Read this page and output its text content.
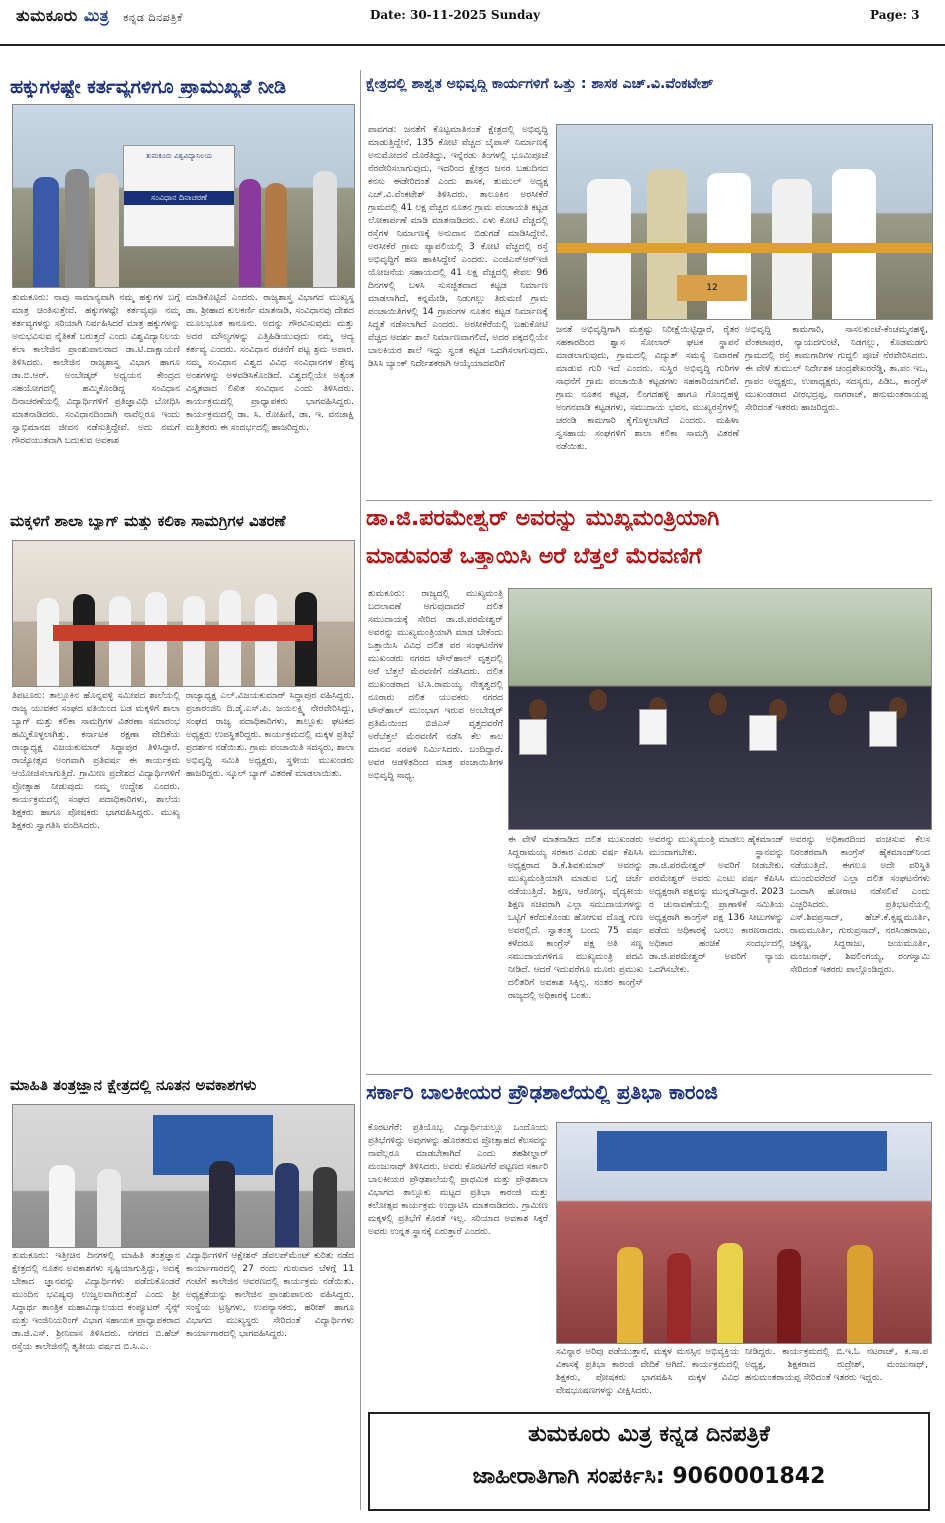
ತುಮಕೂರು ಮಿತ್ರ ಕನ್ನಡ ದಿನಪತ್ರಿಕೆ	Date: 30-11-2025 Sunday	Page: 3
ಹಕ್ಕುಗಳಷ್ಟೇ ಕರ್ತವ್ಯಗಳಿಗೂ ಪ್ರಾಮುಖ್ಯತೆ ನೀಡಿ
ತುಮಕೂರು ವಿಶ್ವವಿದ್ಯಾನಿಲಯ
ಸಂವಿಧಾನ ದಿನಾಚರಣೆ
ತುಮಕೂರು: ನಾವು ಸಾಮಾನ್ಯವಾಗಿ ನಮ್ಮ ಹಕ್ಕುಗಳ ಬಗ್ಗೆ ಮಾತ್ರ ಚಿಂತಿಸುತ್ತೇವೆ. ಹಕ್ಕುಗಳಷ್ಟೇ ಕರ್ತವ್ಯವೂ ನಮ್ಮ ಕರ್ತವ್ಯಗಳನ್ನು ಸರಿಯಾಗಿ ನಿರ್ವಹಿಸಿದರೆ ಮಾತ್ರ ಹಕ್ಕುಗಳನ್ನು ಅನುಭವಿಸುವ ನೈತಿಕತೆ ಬರುತ್ತದೆ ಎಂದು ವಿಶ್ವವಿದ್ಯಾನಿಲಯ ಕಲಾ ಕಾಲೇಜಿನ ಪ್ರಾಂಶುಪಾಲರಾದ ಡಾ.ಟಿ.ದಾಕ್ಷಾಯಣಿ ತಿಳಿಸಿದರು. ಕಾಲೇಜಿನ ರಾಜ್ಯಶಾಸ್ತ್ರ ವಿಭಾಗ ಹಾಗೂ ಡಾ.ಬಿ.ಆರ್. ಅಂಬೇಡ್ಕರ್ ಅಧ್ಯಯನ ಕೇಂದ್ರದ ಸಹಯೋಗದಲ್ಲಿ ಹಮ್ಮಿಕೊಂಡಿದ್ದ ಸಂವಿಧಾನ ದಿನಾಚರಣೆಯಲ್ಲಿ ವಿದ್ಯಾರ್ಥಿಗಳಿಗೆ ಪ್ರತಿಜ್ಞಾವಿಧಿ ಬೋಧಿಸಿ ಮಾತನಾಡಿದರು. ಸಂವಿಧಾನದಿಂದಾಗಿ ನಾವೆಲ್ಲರೂ ಇಂದು ಸ್ವಾಭಿಮಾನದ ಜೀವನ ನಡೆಸುತ್ತಿದ್ದೇವೆ. ಅದು ನಮಗೆ ಗೌರವಯುತವಾಗಿ ಬದುಕುವ ಅವಕಾಶ
ಮಾಡಿಕೊಟ್ಟಿದೆ ಎಂದರು. ರಾಜ್ಯಶಾಸ್ತ್ರ ವಿಭಾಗದ ಮುಖ್ಯಸ್ಥ ಡಾ. ಶ್ರೀಹಾದ ಕುಲಕರ್ಣಿ ಮಾತನಾಡಿ, ಸಂವಿಧಾನವು ದೇಶದ ಮೂಲಭೂತ ಕಾನೂನು. ಅದನ್ನು ಗೌರವಿಸುವುದು ಮತ್ತು ಅದರ ಮೌಲ್ಯಗಳನ್ನು ಎತ್ತಿಹಿಡಿಯುವುದು ನಮ್ಮ ಆದ್ಯ ಕರ್ತವ್ಯ ಎಂದರು. ಸಂವಿಧಾನ ರಚನೆಗೆ ಪಟ್ಟ ಶ್ರಮ ಅಪಾರ. ನಮ್ಮ ಸಂವಿಧಾನ ವಿಶ್ವದ ವಿವಿಧ ಸಂವಿಧಾನಗಳ ಶ್ರೇಷ್ಠ ಅಂಶಗಳನ್ನು ಅಳವಡಿಸಿಕೊಂಡಿದೆ. ವಿಶ್ವದಲ್ಲಿಯೇ ಅತ್ಯಂತ ವಿಸ್ತೃತವಾದ ಲಿಖಿತ ಸಂವಿಧಾನ ಎಂದು ತಿಳಿಸಿದರು. ಕಾರ್ಯಕ್ರಮದಲ್ಲಿ ಪ್ರಾಧ್ಯಾಪಕರು ಭಾಗವಹಿಸಿದ್ದರು. ಕಾರ್ಯಕ್ರಮದಲ್ಲಿ ಡಾ. ಸಿ. ರೋಹಿಣಿ, ಡಾ. ಇ. ವನಜಾಕ್ಷಿ ಮತ್ತಿತರರು ಈ ಸಂದರ್ಭದಲ್ಲಿ ಹಾಜರಿದ್ದರು.
ಮಕ್ಕಳಿಗೆ ಶಾಲಾ ಬ್ಯಾಗ್ ಮತ್ತು ಕಲಿಕಾ ಸಾಮಗ್ರಿಗಳ ವಿತರಣೆ
ತಿಪಟೂರು: ತಾಲ್ಲೂಕಿನ ಹೊನ್ನವಳ್ಳಿ ಸಮೀಪದ ಶಾಲೆಯಲ್ಲಿ ರಾಜ್ಯ ಯುವಕರ ಸಂಘದ ವತಿಯಿಂದ ಬಡ ಮಕ್ಕಳಿಗೆ ಶಾಲಾ ಬ್ಯಾಗ್ ಮತ್ತು ಕಲಿಕಾ ಸಾಮಗ್ರಿಗಳ ವಿತರಣಾ ಸಮಾರಂಭ ಹಮ್ಮಿಕೊಳ್ಳಲಾಗಿತ್ತು. ಕರ್ನಾಟಕ ರಕ್ಷಣಾ ವೇದಿಕೆಯ ರಾಜ್ಯಾಧ್ಯಕ್ಷ ವಿಜಯಕುಮಾರ್ ಸಿದ್ಧಾಪುರ ತಿಳಿಸಿದ್ದಾರೆ. ರಾಜ್ಯೋತ್ಸವ ಅಂಗವಾಗಿ ಪ್ರತಿವರ್ಷ ಈ ಕಾರ್ಯಕ್ರಮ ಆಯೋಜಿಸಲಾಗುತ್ತಿದೆ. ಗ್ರಾಮೀಣ ಪ್ರದೇಶದ ವಿದ್ಯಾರ್ಥಿಗಳಿಗೆ ಪ್ರೋತ್ಸಾಹ ನೀಡುವುದು ನಮ್ಮ ಉದ್ದೇಶ ಎಂದರು. ಕಾರ್ಯಕ್ರಮದಲ್ಲಿ ಸಂಘದ ಪದಾಧಿಕಾರಿಗಳು, ಶಾಲೆಯ ಶಿಕ್ಷಕರು ಹಾಗೂ ಪೋಷಕರು ಭಾಗವಹಿಸಿದ್ದರು. ಮುಖ್ಯ ಶಿಕ್ಷಕರು ಸ್ವಾಗತಿಸಿ ವಂದಿಸಿದರು.
ರಾಜ್ಯಾಧ್ಯಕ್ಷ ಎಲ್.ವಿಜಯಕುಮಾರ್ ಸಿದ್ಧಾಪುರ ವಹಿಸಿದ್ದರು. ಪ್ರಜಾರಂಜಿನಿ ದಿ.ಡೈ.ಎಸ್.ಪಿ. ಜಯಲಕ್ಷ್ಮಿ ನೇರವೇರಿಸಿದ್ದು, ಸಂಘದ ರಾಜ್ಯ ಪದಾಧಿಕಾರಿಗಳು, ತಾಲ್ಲೂಕು ಘಟಕದ ಅಧ್ಯಕ್ಷರು ಉಪಸ್ಥಿತರಿದ್ದರು. ಕಾರ್ಯಕ್ರಮದಲ್ಲಿ ಮಕ್ಕಳ ಪ್ರತಿಭೆ ಪ್ರದರ್ಶನ ನಡೆಯಿತು. ಗ್ರಾಮ ಪಂಚಾಯಿತಿ ಸದಸ್ಯರು, ಶಾಲಾ ಅಭಿವೃದ್ಧಿ ಸಮಿತಿ ಅಧ್ಯಕ್ಷರು, ಸ್ಥಳೀಯ ಮುಖಂಡರು ಹಾಜರಿದ್ದರು. ಸ್ಕೂಲ್ ಬ್ಯಾಗ್ ವಿತರಣೆ ಮಾಡಲಾಯಿತು.
ಮಾಹಿತಿ ತಂತ್ರಜ್ಞಾನ ಕ್ಷೇತ್ರದಲ್ಲಿ ನೂತನ ಅವಕಾಶಗಳು
ತುಮಕೂರು: ಇತ್ತೀಚಿನ ದಿನಗಳಲ್ಲಿ ಮಾಹಿತಿ ತಂತ್ರಜ್ಞಾನ ಕ್ಷೇತ್ರದಲ್ಲಿ ನೂತನ ಅವಕಾಶಗಳು ಸೃಷ್ಟಿಯಾಗುತ್ತಿದ್ದು, ಅದಕ್ಕೆ ಬೇಕಾದ ಜ್ಞಾನವನ್ನು ವಿದ್ಯಾರ್ಥಿಗಳು ಪಡೆದುಕೊಂಡರೆ ಮುಂದಿನ ಭವಿಷ್ಯವು ಉಜ್ವಲವಾಗಿರುತ್ತದೆ ಎಂದು ಶ್ರೀ ಸಿದ್ಧಾರ್ಥ ತಾಂತ್ರಿಕ ಮಹಾವಿದ್ಯಾಲಯದ ಕಂಪ್ಯೂಟರ್ ಸೈನ್ಸ್ ಮತ್ತು ಇಂಜಿನಿಯರಿಂಗ್ ವಿಭಾಗ ಸಹಾಯಕ ಪ್ರಾಧ್ಯಾಪಕರಾದ ಡಾ.ಜಿ.ಎಸ್. ಶ್ರೀನಿವಾಸ ತಿಳಿಸಿದರು. ನಗರದ ಬಿ.ಹೆಚ್ ರಸ್ತೆಯ ಕಾಲೇಜಿನಲ್ಲಿ ತೃತೀಯ ವರ್ಷದ ಬಿ.ಸಿ.ಎ.
ವಿದ್ಯಾರ್ಥಿಗಳಿಗೆ ಆಕ್ಷೇಶನ್ ಡೆವಲಪ್‌ಮೆಂಟ್ ಕುರಿತು ನಡೆದ ಕಾರ್ಯಾಗಾರದಲ್ಲಿ 27 ರಂದು ಗುರುವಾರ ಬೆಳಗ್ಗೆ 11 ಗಂಟೆಗೆ ಕಾಲೇಜಿನ ಆವರಣದಲ್ಲಿ ಕಾರ್ಯಕ್ರಮ ನಡೆಯಿತು. ಅಧ್ಯಕ್ಷತೆಯನ್ನು ಕಾಲೇಜಿನ ಪ್ರಾಂಶುಪಾಲರು ವಹಿಸಿದ್ದರು. ಸಂಸ್ಥೆಯ ಟ್ರಸ್ಟಿಗಳು, ಉಪನ್ಯಾಸಕರು, ಹರೀಶ್ ಹಾಗೂ ವಿಭಾಗದ ಮುಖ್ಯಸ್ಥರು ಸೇರಿದಂತೆ ವಿದ್ಯಾರ್ಥಿಗಳು ಕಾರ್ಯಾಗಾರದಲ್ಲಿ ಭಾಗವಹಿಸಿದ್ದರು.
ಕ್ಷೇತ್ರದಲ್ಲಿ ಶಾಶ್ವತ ಅಭಿವೃದ್ಧಿ ಕಾರ್ಯಗಳಿಗೆ ಒತ್ತು : ಶಾಸಕ ಎಚ್.ವಿ.ವೆಂಕಟೇಶ್
ಪಾವಗಡ: ಜನತೆಗೆ ಕೊಟ್ಟಮಾತಿನಂತೆ ಕ್ಷೇತ್ರದಲ್ಲಿ ಅಭಿವೃದ್ಧಿ ಮಾಡುತ್ತಿದ್ದೇನೆ, 135 ಕೋಟಿ ವೆಚ್ಚದ ಬೈಪಾಸ್ ನಿರ್ಮಾಣಕ್ಕೆ ಅನುಮೋದನೆ ದೊರೆತಿದ್ದು, ಇನ್ನೆರಡು ತಿಂಗಳಲ್ಲಿ ಭೂಮಿಪೂಜೆ ನೆರವೇರಿಸಲಾಗುವುದು, ಇದರಿಂದ ಕ್ಷೇತ್ರದ ಜನರ ಬಹುದಿನದ ಕನಸು ಈಡೇರಿದಂತೆ ಎಂದು ಶಾಸಕ, ತುಮುಲ್ ಅಧ್ಯಕ್ಷ ಎಚ್.ವಿ.ವೆಂಕಟೇಶ್ ತಿಳಿಸಿದರು. ತಾಲೂಕಿನ ಅರಸೀಕೆರೆ ಗ್ರಾಮದಲ್ಲಿ 41 ಲಕ್ಷ ವೆಚ್ಚದ ನೂತನ ಗ್ರಾಮ ಪಂಚಾಯತಿ ಕಟ್ಟಡ ಲೋಕಾರ್ಪಣೆ ಮಾಡಿ ಮಾತನಾಡಿದರು. ಏಳು ಕೋಟಿ ವೆಚ್ಚದಲ್ಲಿ ರಸ್ತೆಗಳ ನಿರ್ಮಾಣಕ್ಕೆ ಅನುದಾನ ಬಿಡುಗಡೆ ಮಾಡಿಸಿದ್ದೇನೆ. ಅರಸೀಕೆರೆ ಗ್ರಾಮ ಪ್ಯಾಪಲಿಯಲ್ಲಿ 3 ಕೋಟಿ ವೆಚ್ಚದಲ್ಲಿ ರಸ್ತೆ ಅಭಿವೃದ್ಧಿಗೆ ಹಣ ಹಾಕಿಸಿದ್ದೇನೆ ಎಂದರು. ಎಂಜಿಎನ್‌ಆರ್‌ಇಜಿ ಯೋಜನೆಯ ಸಹಾಯದಲ್ಲಿ 41 ಲಕ್ಷ ವೆಚ್ಚದಲ್ಲಿ ಕೇವಲ 96 ದಿನಗಳಲ್ಲಿ ಬಳಸಿ ಸುಸಜ್ಜಿತವಾದ ಕಟ್ಟಡ ನಿರ್ಮಾಣ ಮಾಡಲಾಗಿದೆ, ಕನ್ನಮೇಡಿ, ನಿಡುಗಲ್ಲು ತಿರುಮಣಿ ಗ್ರಾಮ ಪಂಚಾಯಿತಿಗಳಲ್ಲಿ 14 ಗ್ರಾಪಂಗಳ ನೂತನ ಕಟ್ಟಡ ನಿರ್ಮಾಣಕ್ಕೆ ಸಿದ್ಧತೆ ನಡೆಸಲಾಗಿದೆ ಎಂದರು. ಅರಸೀಕೆರೆಯಲ್ಲಿ ಬಹುಕೋಟಿ ವೆಚ್ಚದ ಆದರ್ಶ ಶಾಲೆ ನಿರ್ಮಾಣವಾಗಲಿದೆ, ಅದರ ಪಕ್ಕದಲ್ಲಿಯೇ ಬಾಲಕಿಯರ ಶಾಲೆ ಇದ್ದು ಸ್ವಂತ ಕಟ್ಟಡ ಒದಗಿಸಲಾಗುವುದು. ಡಿಸಿಸಿ ಬ್ಯಾಂಕ್ ನಿರ್ದೇಶಕರಾಗಿ ಆಯ್ಕೆಯಾದವರಿಗೆ
12
ಜನತೆ ಅಭಿವೃದ್ಧಿಗಾಗಿ ಮತ್ತಷ್ಟು ನಿರೀಕ್ಷೆಯಿಟ್ಟಿದ್ದಾರೆ, ರೈತರ ಸಹಕಾರದಿಂದ ಶ್ವಾಸ ಸೋಲಾರ್ ಘಟಕ ಸ್ಥಾಪನೆ ಮಾಡಲಾಗುವುದು, ಗ್ರಾಮದಲ್ಲಿ ವಿದ್ಯುತ್ ಸಮಸ್ಯೆ ನಿವಾರಣೆ ಮಾಡುವ ಗುರಿ ಇದೆ ಎಂದರು. ಸುಸ್ಥಿರ ಅಭಿವೃದ್ಧಿ ಗುರಿಗಳ ಸಾಧನೆಗೆ ಗ್ರಾಮ ಪಂಚಾಯಿತಿ ಕಟ್ಟಡಗಳು ಸಹಕಾರಿಯಾಗಲಿವೆ. ಗ್ರಾಮ ನೂತನ ಕಟ್ಟಡ, ಲಿಂಗದಹಳ್ಳಿ ಹಾಗೂ ಗೊಂದ್ಲಹಳ್ಳಿ ಅಂಗನವಾಡಿ ಕಟ್ಟಡಗಳು, ಸಮುದಾಯ ಭವನ, ಮುಖ್ಯರಸ್ತೆಗಳಲ್ಲಿ ಚರಂಡಿ ಕಾಮಗಾರಿ ಕೈಗೊಳ್ಳಲಾಗಿದೆ ಎಂದರು. ಮಹಿಳಾ ಸ್ವಸಹಾಯ ಸಂಘಗಳಿಗೆ ಶಾಲಾ ಕಲಿಕಾ ಸಾಮಗ್ರಿ ವಿತರಣೆ ನಡೆಯಿತು.
ಅಭಿವೃದ್ಧಿ ಕಾಮಗಾರಿ, ಸಾಸಲಕುಂಟೆ-ಕೆಂಚಮ್ಮನಹಳ್ಳಿ, ವೆಂಕಟಾಪುರ, ನ್ಯಾಯದಗುಂಟೆ, ನಿಡಗಲ್ಲು, ಕೊಡಮಡಗು ಗ್ರಾಮದಲ್ಲಿ ರಸ್ತೆ ಕಾಮಗಾರಿಗಳ ಗುದ್ದಲಿ ಪೂಜೆ ನೆರವೇರಿಸಿದರು. ಈ ವೇಳೆ ತುಮುಲ್ ನಿರ್ದೇಶಕ ಚಂದ್ರಶೇಖರರೆಡ್ಡಿ, ತಾ.ಪಂ ಇಒ, ಗ್ರಾಪಂ ಅಧ್ಯಕ್ಷರು, ಉಪಾಧ್ಯಕ್ಷರು, ಸದಸ್ಯರು, ಪಿಡಿಒ, ಕಾಂಗ್ರೆಸ್ ಮುಖಂಡರಾದ ವೀರಭದ್ರಪ್ಪ, ನಾಗರಾಜ್, ಹನುಮಂತರಾಯಪ್ಪ ಸೇರಿದಂತೆ ಇತರರು ಹಾಜರಿದ್ದರು.
ಡಾ.ಜಿ.ಪರಮೇಶ್ವರ್ ಅವರನ್ನು ಮುಖ್ಯಮಂತ್ರಿಯಾಗಿ
ಮಾಡುವಂತೆ ಒತ್ತಾಯಿಸಿ ಅರೆ ಬೆತ್ತಲೆ ಮೆರವಣಿಗೆ
ತುಮಕೂರು: ರಾಜ್ಯದಲ್ಲಿ ಮುಖ್ಯಮಂತ್ರಿ ಬದಲಾವಣೆ ಆಗುವುದಾದರೆ ದಲಿತ ಸಮುದಾಯಕ್ಕೆ ಸೇರಿದ ಡಾ.ಜಿ.ಪರಮೇಶ್ವರ್ ಅವರನ್ನು ಮುಖ್ಯಮಂತ್ರಿಯಾಗಿ ಮಾಡ ಬೇಕೆಂದು ಒತ್ತಾಯಿಸಿ ವಿವಿಧ ದಲಿತ ಪರ ಸಂಘಟನೆಗಳ ಮುಖಂಡರು ನಗರದ ಟೌನ್‌ಹಾಲ್ ವೃತ್ತದಲ್ಲಿ ಅರೆ ಬೆತ್ತಲೆ ಮೆರವಣಿಗೆ ನಡೆಸಿದರು. ದಲಿತ ಮುಖಂಡರಾದ ಟಿ.ಸಿ.ರಾಮಯ್ಯ ನೇತೃತ್ವದಲ್ಲಿ ನೂರಾರು ದಲಿತ ಯುವಕರು ನಗರದ ಟೌನ್‌ಹಾಲ್ ಮುಂಭಾಗ ಇರುವ ಅಂಬೇಡ್ಕರ್ ಪ್ರತಿಮೆಯಿಂದ ಬಿಜಿಎಸ್ ವೃತ್ತದವರೆಗೆ ಅರೆಬೆತ್ತಲೆ ಮೆರವಣಿಗೆ ನಡೆಸಿ ಕೆಲ ಕಾಲ ಮಾನವ ಸರಪಳಿ ನಿರ್ಮಿಸಿದರು. ಬಂದಿದ್ದಾರೆ. ಅವರ ಆಡಳಿತದಿಂದ ಮಾತ್ರ ಪಂಚಾಯಿತಿಗಳ ಅಭಿವೃದ್ಧಿ ಸಾಧ್ಯ.
ಈ ವೇಳೆ ಮಾತನಾಡಿದ ದಲಿತ ಮುಖಂಡರು ಸಿದ್ದರಾಮಯ್ಯ ಸರಕಾರ ಎರಡು ವರ್ಷ ಕೆಪಿಸಿಸಿ ಅಧ್ಯಕ್ಷರಾದ ಡಿ.ಕೆ.ಶಿವಕುಮಾರ್ ಅವರನ್ನು ಮುಖ್ಯಮಂತ್ರಿಯಾಗಿ ಮಾಡುವ ಬಗ್ಗೆ ಚರ್ಚೆ ನಡೆಯುತ್ತಿದೆ. ಶಿಕ್ಷಣ, ಆರೋಗ್ಯ, ವೈದ್ಯಕೀಯ ಶಿಕ್ಷಣ ಸಚಿವರಾಗಿ ಎಲ್ಲಾ ಸಮುದಾಯಗಳನ್ನು ಒಟ್ಟಿಗೆ ಕರೆದುಕೊಂಡು ಹೋಗುವ ದೊಡ್ಡ ಗುಣ ಅವರಲ್ಲಿದೆ. ಸ್ವಾತಂತ್ರ್ಯ ಬಂದು 75 ವರ್ಷ ಕಳೆದರೂ ಕಾಂಗ್ರೆಸ್ ಪಕ್ಷ ಅತಿ ಸಣ್ಣ ಸಮುದಾಯಗಳಿಗೂ ಮುಖ್ಯಮಂತ್ರಿ ಪದವಿ ನೀಡಿದೆ. ಆದರೆ ಇದುವರೆಗೂ ಮೂರು ಪ್ರಮುಖ ದಲಿತರಿಗೆ ಅವಕಾಶ ಸಿಕ್ಕಿಲ್ಲ. ನಂತರ ಕಾಂಗ್ರೆಸ್ ರಾಜ್ಯದಲ್ಲಿ ಅಧಿಕಾರಕ್ಕೆ ಬಂತು.
ಅವರನ್ನು ಮುಖ್ಯಮಂತ್ರಿ ಮಾಡಲು ಹೈಕಮಾಂಡ್ ಮುಂದಾಗಬೇಕು. ಸ್ಥಾನವನ್ನು ಡಾ.ಜಿ.ಪರಮೇಶ್ವರ್ ಅವರಿಗೆ ನೀಡಬೇಕು. ಪರಮೇಶ್ವರ್ ಅವರು ಎಂಟು ವರ್ಷ ಕೆಪಿಸಿಸಿ ಅಧ್ಯಕ್ಷರಾಗಿ ಪಕ್ಷವನ್ನು ಮುನ್ನಡೆಸಿದ್ದಾರೆ. 2023 ರ ಚುನಾವಣೆಯಲ್ಲಿ ಪ್ರಾಣಾಳಿಕೆ ಸಮಿತಿಯ ಅಧ್ಯಕ್ಷರಾಗಿ ಕಾಂಗ್ರೆಸ್ ಪಕ್ಷ 136 ಸೀಟುಗಳನ್ನು ಪಡೆದು ಅಧಿಕಾರಕ್ಕೆ ಬರಲು ಕಾರಣರಾದರು. ಅಧಿಕಾರ ಹಂಚಿಕೆ ಸಂದರ್ಭದಲ್ಲಿ ಡಾ.ಜಿ.ಪರಮೇಶ್ವರ್ ಅವರಿಗೆ ನ್ಯಾಯ ಒದಗಿಸಬೇಕು.
ಅವರನ್ನು ಅಧಿಕಾರದಿಂದ ವಂಚಿಸುವ ಕೆಲಸ ನಿರಂತರವಾಗಿ ಕಾಂಗ್ರೆಸ್ ಹೈಕಮಾಂಡ್‌ನಿಂದ ನಡೆಯುತ್ತಿದೆ. ಈಗಲೂ ಅದೇ ಪರಿಸ್ಥಿತಿ ಮುಂದುವರೆದರೆ ಎಲ್ಲಾ ದಲಿತ ಸಂಘಟನೆಗಳು ಒಂದಾಗಿ ಹೋರಾಟ ನಡೆಸಲಿವೆ ಎಂದು ಎಚ್ಚರಿಸಿದರು. ಪ್ರತಿಭಟನೆಯಲ್ಲಿ ಎಸ್.ಶಿವಪ್ರಸಾದ್, ಹೆಚ್.ಕೆ.ಕೃಷ್ಣಮೂರ್ತಿ, ರಾಮಮೂರ್ತಿ, ಗುರುಪ್ರಸಾದ್, ನರಸಿಂಹರಾಜು, ಚಿಕ್ಕಣ್ಣ, ಸಿದ್ದರಾಜು, ಜಯಮೂರ್ತಿ, ಮಂಜುನಾಥ್, ಶಿವಲಿಂಗಯ್ಯ, ರಂಗಸ್ವಾಮಿ ಸೇರಿದಂತೆ ಇತರರು ಪಾಲ್ಗೊಂಡಿದ್ದರು.
ಸರ್ಕಾರಿ ಬಾಲಕೀಯರ ಪ್ರೌಢಶಾಲೆಯಲ್ಲಿ ಪ್ರತಿಭಾ ಕಾರಂಜಿ
ಕೊರಟಗೆರೆ: ಪ್ರತಿಯೊಬ್ಬ ವಿದ್ಯಾರ್ಥಿಯಲ್ಲೂ ಒಂದೊಂದು ಪ್ರತಿಭೆಗಳಿದ್ದು ಅವುಗಳನ್ನು ಹೊರತರುವ ಪ್ರೋತ್ಸಾಹದ ಕೆಲಸವನ್ನು ನಾವೆಲ್ಲರೂ ಮಾಡಬೇಕಾಗಿದೆ ಎಂದು ತಹಶೀಲ್ದಾರ್ ಮಂಜುನಾಥ್ ತಿಳಿಸಿದರು. ಅವರು ಕೊರಟಗೆರೆ ಪಟ್ಟಣದ ಸರ್ಕಾರಿ ಬಾಲಕೀಯರ ಪ್ರೌಢಶಾಲೆಯಲ್ಲಿ ಪ್ರಾಥಮಿಕ ಮತ್ತು ಪ್ರೌಢಶಾಲಾ ವಿಭಾಗದ ತಾಲ್ಲೂಕು ಮಟ್ಟದ ಪ್ರತಿಭಾ ಕಾರಂಜಿ ಮತ್ತು ಕಲೋತ್ಸವ ಕಾರ್ಯಕ್ರಮ ಉದ್ಘಾಟಿಸಿ ಮಾತನಾಡಿದರು. ಗ್ರಾಮೀಣ ಮಕ್ಕಳಲ್ಲಿ ಪ್ರತಿಭೆಗೆ ಕೊರತೆ ಇಲ್ಲ. ಸರಿಯಾದ ಅವಕಾಶ ಸಿಕ್ಕರೆ ಅವರು ಉನ್ನತ ಸ್ಥಾನಕ್ಕೆ ಏರುತ್ತಾರೆ ಎಂದರು.
ಸವಿನ್ನಾರ ಅರಿವು ಪಡೆಯುತ್ತಾನೆ, ಮಕ್ಕಳ ಮನಸ್ಸಿನ ಅಭಿವ್ಯಕ್ತಿಯ ವಿಕಾಸಕ್ಕೆ ಪ್ರತಿಭಾ ಕಾರಂಜಿ ವೇದಿಕೆ ಆಗಿದೆ. ಕಾರ್ಯಕ್ರಮದಲ್ಲಿ ಶಿಕ್ಷಕರು, ಪೋಷಕರು ಭಾಗವಹಿಸಿ ಮಕ್ಕಳ ವಿವಿಧ ವೇಷಭೂಷಣಗಳನ್ನು ವೀಕ್ಷಿಸಿದರು.
ನೀಡಿದ್ದರು. ಕಾರ್ಯಕ್ರಮದಲ್ಲಿ ಬಿ.ಇ.ಓ ನಟರಾಜ್, ಕ.ಸಾ.ಪ ಅಧ್ಯಕ್ಷ, ಶಿಕ್ಷಕರಾದ ರುದ್ರೇಶ್, ಮಂಜುನಾಥ್, ಹನುಮಂತರಾಯಪ್ಪ ಸೇರಿದಂತೆ ಇತರರು ಇದ್ದರು.
ತುಮಕೂರು ಮಿತ್ರ ಕನ್ನಡ ದಿನಪತ್ರಿಕೆ
ಜಾಹೀರಾತಿಗಾಗಿ ಸಂಪರ್ಕಿಸಿ: 9060001842
